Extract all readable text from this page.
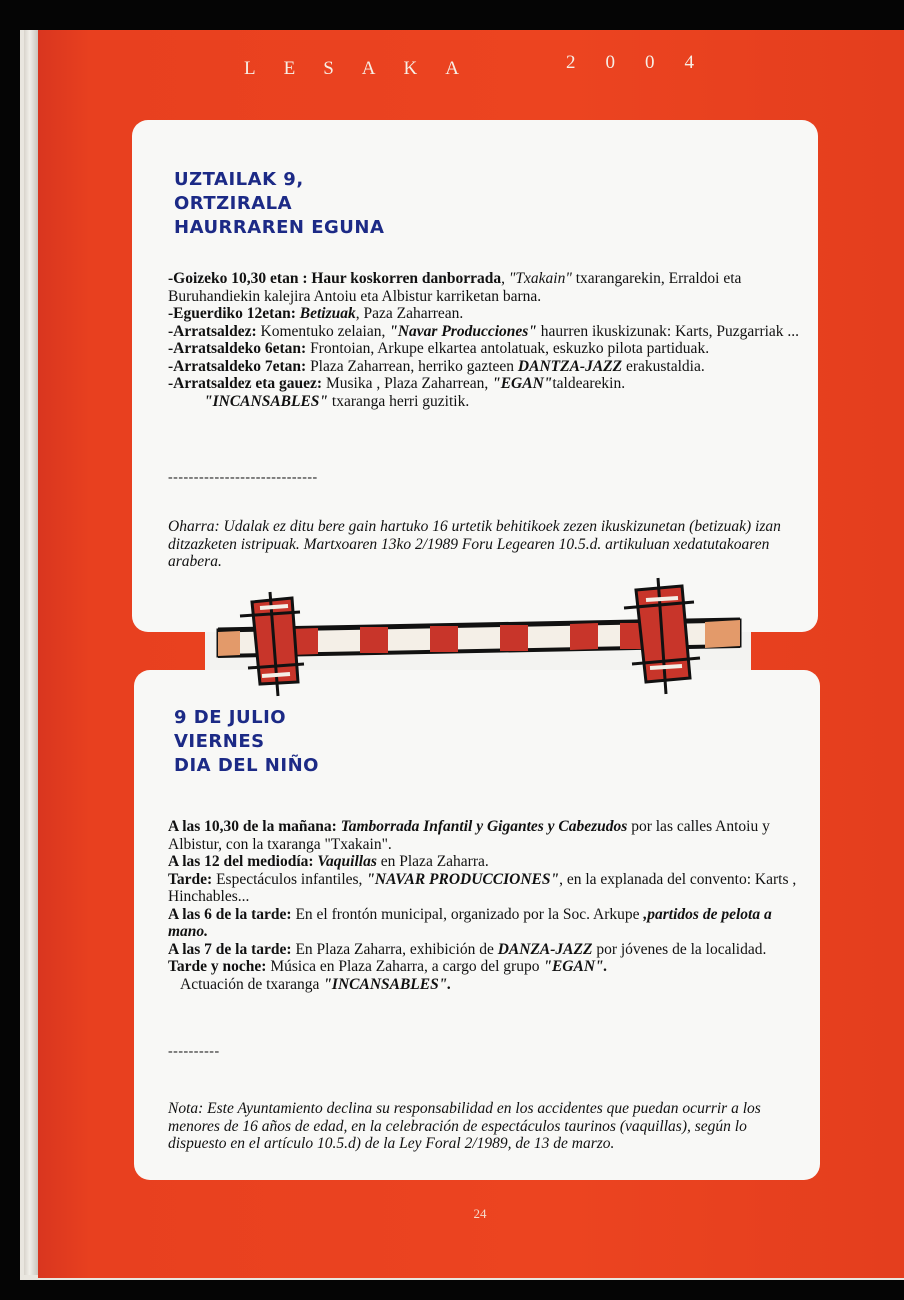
LESAKA	2004
UZTAILAK 9,
ORTZIRALA
HAURRAREN EGUNA

-Goizeko 10,30 etan : Haur koskorren danborrada, "Txakain" txarangarekin, Erraldoi eta Buruhandiekin kalejira Antoiu eta Albistur karriketan barna.

-Eguerdiko 12etan: Betizuak, Paza Zaharrean.

-Arratsaldez: Komentuko zelaian, "Navar Producciones" haurren ikuskizunak: Karts, Puzgarriak ...

-Arratsaldeko 6etan: Frontoian, Arkupe elkartea antolatuak, eskuzko pilota partiduak.

-Arratsaldeko 7etan: Plaza Zaharrean, herriko gazteen DANTZA-JAZZ erakustaldia.

-Arratsaldez eta gauez: Musika , Plaza Zaharrean, "EGAN"taldearekin.

"INCANSABLES" txaranga herri guzitik.

-----------------------------
Oharra: Udalak ez ditu bere gain hartuko 16 urtetik behitikoek zezen ikuskizunetan (betizuak) izan ditzazketen istripuak. Martxoaren 13ko 2/1989 Foru Legearen 10.5.d. artikuluan xedatutakoaren arabera.
9 DE JULIO
VIERNES
DIA DEL NIÑO

A las 10,30 de la mañana: Tamborrada Infantil y Gigantes y Cabezudos por las calles Antoiu y Albistur, con la txaranga "Txakain".

A las 12 del mediodía: Vaquillas en Plaza Zaharra.

Tarde: Espectáculos infantiles, "NAVAR PRODUCCIONES", en la explanada del convento: Karts , Hinchables...

A las 6 de la tarde: En el frontón municipal, organizado por la Soc. Arkupe ,partidos de pelota a mano.

A las 7 de la tarde: En Plaza Zaharra, exhibición de DANZA-JAZZ por jóvenes de la localidad.

Tarde y noche: Música en Plaza Zaharra, a cargo del grupo "EGAN".

Actuación de txaranga "INCANSABLES".

----------
Nota: Este Ayuntamiento declina su responsabilidad en los accidentes que puedan ocurrir a los menores de 16 años de edad, en la celebración de espectáculos taurinos (vaquillas), según lo dispuesto en el artículo 10.5.d) de la Ley Foral 2/1989, de 13 de marzo.
24
